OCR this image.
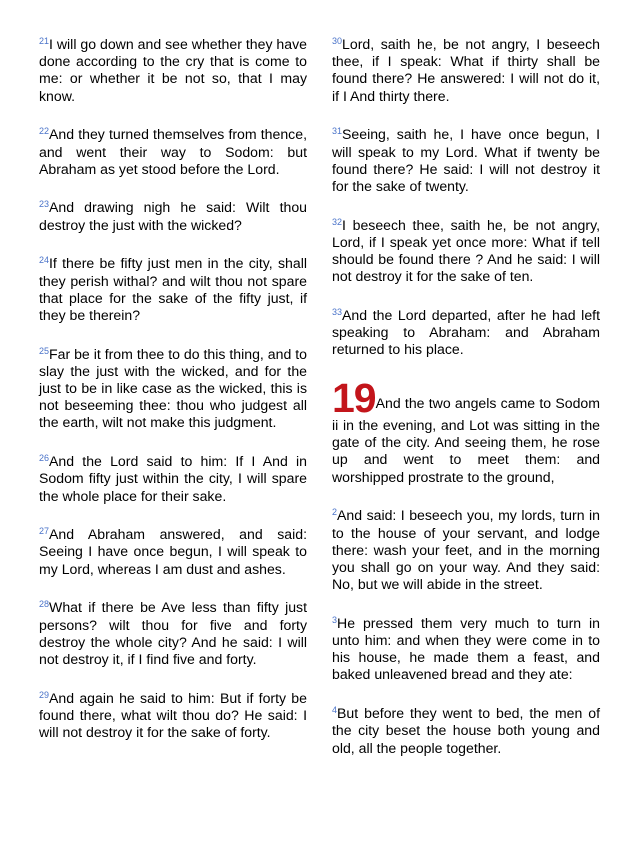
$^{21}$I will go down and see whether they have done according to the cry that is come to me: or whether it be not so, that I may know.

$^{22}$And they turned themselves from thence, and went their way to Sodom: but Abraham as yet stood before the Lord.

$^{23}$And drawing nigh he said: Wilt thou destroy the just with the wicked?

$^{24}$If there be fifty just men in the city, shall they perish withal? and wilt thou not spare that place for the sake of the fifty just, if they be therein?

$^{25}$Far be it from thee to do this thing, and to slay the just with the wicked, and for the just to be in like case as the wicked, this is not beseeming thee: thou who judgest all the earth, wilt not make this judgment.

$^{26}$And the Lord said to him: If I And in Sodom fifty just within the city, I will spare the whole place for their sake.

$^{27}$And Abraham answered, and said: Seeing I have once begun, I will speak to my Lord, whereas I am dust and ashes.

$^{28}$What if there be Ave less than fifty just persons? wilt thou for five and forty destroy the whole city? And he said: I will not destroy it, if I find five and forty.

$^{29}$And again he said to him: But if forty be found there, what wilt thou do? He said: I will not destroy it for the sake of forty.

$^{30}$Lord, saith he, be not angry, I beseech thee, if I speak: What if thirty shall be found there? He answered: I will not do it, if I And thirty there.

$^{31}$Seeing, saith he, I have once begun, I will speak to my Lord. What if twenty be found there? He said: I will not destroy it for the sake of twenty.

$^{32}$I beseech thee, saith he, be not angry, Lord, if I speak yet once more: What if tell should be found there ? And he said: I will not destroy it for the sake of ten.

$^{33}$And the Lord departed, after he had left speaking to Abraham: and Abraham returned to his place.

19And the two angels came to Sodom ii in the evening, and Lot was sitting in the gate of the city. And seeing them, he rose up and went to meet them: and worshipped prostrate to the ground,

$^2$And said: I beseech you, my lords, turn in to the house of your servant, and lodge there: wash your feet, and in the morning you shall go on your way. And they said: No, but we will abide in the street.

$^3$He pressed them very much to turn in unto him: and when they were come in to his house, he made them a feast, and baked unleavened bread and they ate:

$^4$But before they went to bed, the men of the city beset the house both young and old, all the people together.
